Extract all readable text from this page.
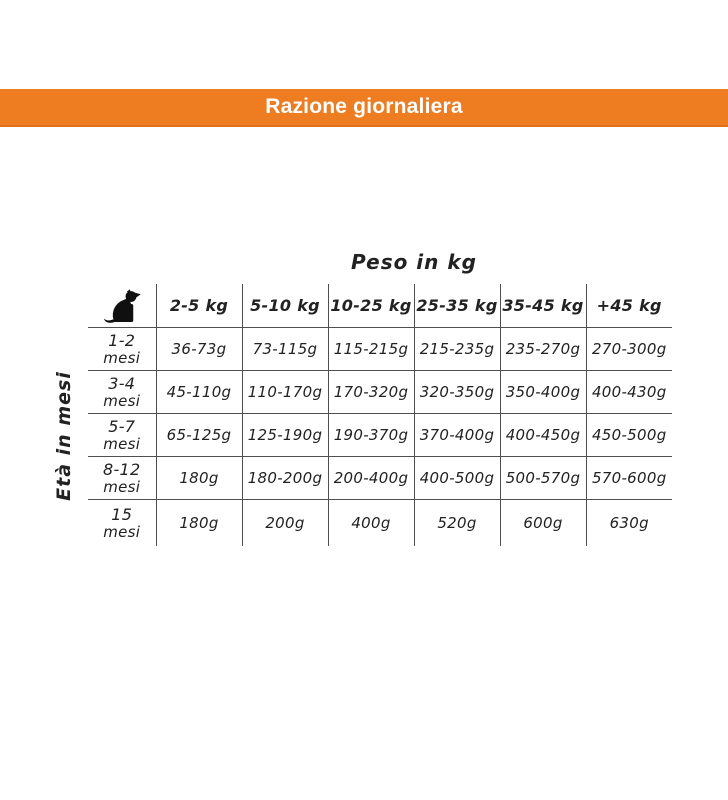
Razione giornaliera
Peso in kg
Età in mesi
	2-5 kg	5-10 kg	10-25 kg	25-35 kg	35-45 kg	+45 kg

1-2
mesi	36-73g	73-115g	115-215g	215-235g	235-270g	270-300g

3-4
mesi	45-110g	110-170g	170-320g	320-350g	350-400g	400-430g

5-7
mesi	65-125g	125-190g	190-370g	370-400g	400-450g	450-500g

8-12
mesi	180g	180-200g	200-400g	400-500g	500-570g	570-600g

15
mesi	180g	200g	400g	520g	600g	630g
